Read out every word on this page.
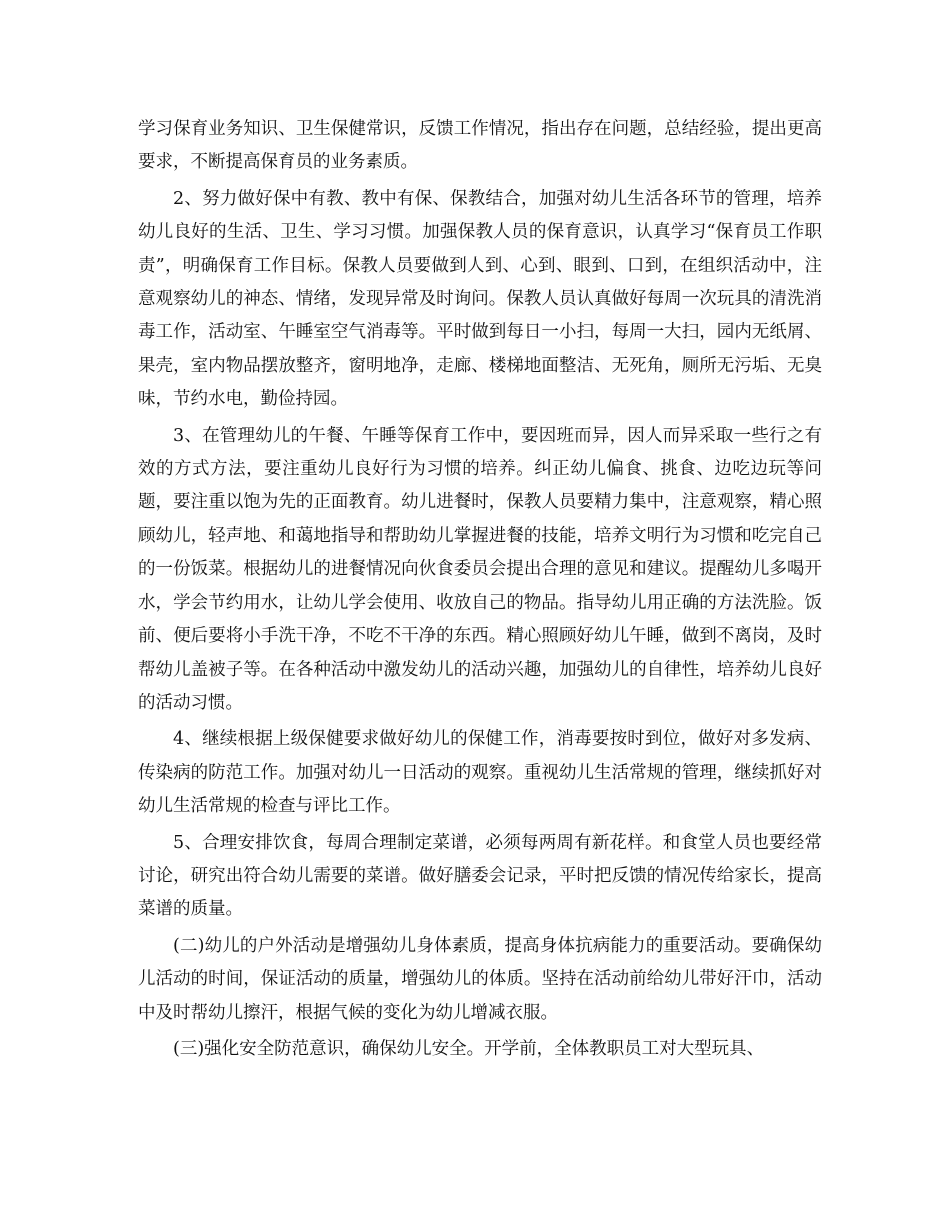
学习保育业务知识、卫生保健常识，反馈工作情况，指出存在问题，总结经验，提出更高要求，不断提高保育员的业务素质。

2、努力做好保中有教、教中有保、保教结合，加强对幼儿生活各环节的管理，培养幼儿良好的生活、卫生、学习习惯。加强保教人员的保育意识，认真学习“保育员工作职责”，明确保育工作目标。保教人员要做到人到、心到、眼到、口到，在组织活动中，注意观察幼儿的神态、情绪，发现异常及时询问。保教人员认真做好每周一次玩具的清洗消毒工作，活动室、午睡室空气消毒等。平时做到每日一小扫，每周一大扫，园内无纸屑、果壳，室内物品摆放整齐，窗明地净，走廊、楼梯地面整洁、无死角，厕所无污垢、无臭味，节约水电，勤俭持园。

3、在管理幼儿的午餐、午睡等保育工作中，要因班而异，因人而异采取一些行之有效的方式方法，要注重幼儿良好行为习惯的培养。纠正幼儿偏食、挑食、边吃边玩等问题，要注重以饱为先的正面教育。幼儿进餐时，保教人员要精力集中，注意观察，精心照顾幼儿，轻声地、和蔼地指导和帮助幼儿掌握进餐的技能，培养文明行为习惯和吃完自己的一份饭菜。根据幼儿的进餐情况向伙食委员会提出合理的意见和建议。提醒幼儿多喝开水，学会节约用水，让幼儿学会使用、收放自己的物品。指导幼儿用正确的方法洗脸。饭前、便后要将小手洗干净，不吃不干净的东西。精心照顾好幼儿午睡，做到不离岗，及时帮幼儿盖被子等。在各种活动中激发幼儿的活动兴趣，加强幼儿的自律性，培养幼儿良好的活动习惯。

4、继续根据上级保健要求做好幼儿的保健工作，消毒要按时到位，做好对多发病、传染病的防范工作。加强对幼儿一日活动的观察。重视幼儿生活常规的管理，继续抓好对幼儿生活常规的检查与评比工作。

5、合理安排饮食，每周合理制定菜谱，必须每两周有新花样。和食堂人员也要经常讨论，研究出符合幼儿需要的菜谱。做好膳委会记录，平时把反馈的情况传给家长，提高菜谱的质量。

(二)幼儿的户外活动是增强幼儿身体素质，提高身体抗病能力的重要活动。要确保幼儿活动的时间，保证活动的质量，增强幼儿的体质。坚持在活动前给幼儿带好汗巾，活动中及时帮幼儿擦汗，根据气候的变化为幼儿增减衣服。

(三)强化安全防范意识，确保幼儿安全。开学前，全体教职员工对大型玩具、
